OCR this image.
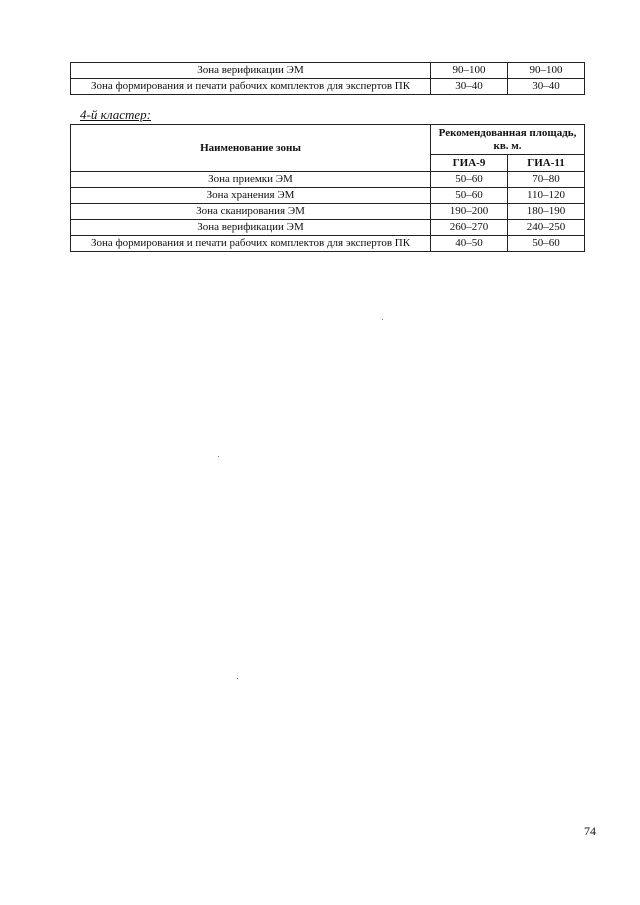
Зона верификации ЭМ	90–100	90–100
Зона формирования и печати рабочих комплектов для экспертов ПК	30–40	30–40

4-й кластер:

Наименование зоны	Рекомендованная площадь, кв. м.	
	ГИА-9	ГИА-11
Зона приемки ЭМ	50–60	70–80
Зона хранения ЭМ	50–60	110–120
Зона сканирования ЭМ	190–200	180–190
Зона верификации ЭМ	260–270	240–250
Зона формирования и печати рабочих комплектов для экспертов ПК	40–50	50–60
74
